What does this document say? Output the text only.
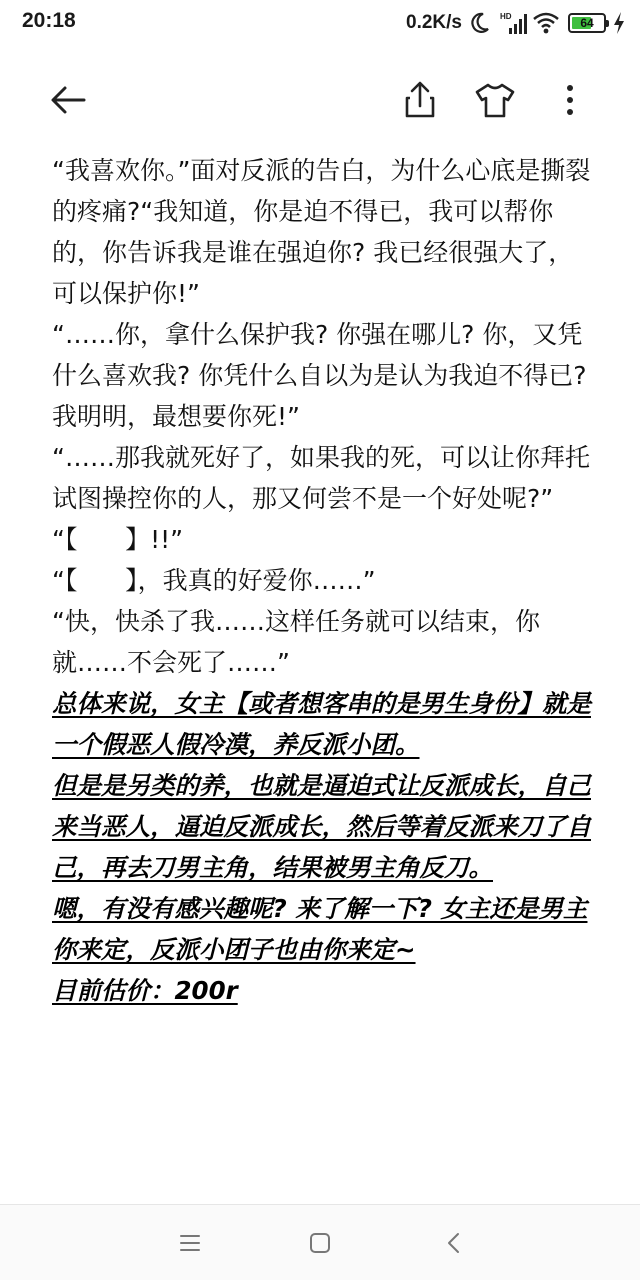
20:18	0.2K/s	HD	64

“我喜欢你。”面对反派的告白，为什么心底是撕裂的疼痛?“我知道，你是迫不得已，我可以帮你的，你告诉我是谁在强迫你? 我已经很强大了，可以保护你!”

“……你，拿什么保护我? 你强在哪儿? 你，又凭什么喜欢我? 你凭什么自以为是认为我迫不得已? 我明明，最想要你死!”

“……那我就死好了，如果我的死，可以让你拜托试图操控你的人，那又何尝不是一个好处呢?”

“【      】!!”

“【      】，我真的好爱你……”

“快，快杀了我……这样任务就可以结束，你就……不会死了……”

总体来说，女主【或者想客串的是男生身份】就是一个假恶人假冷漠，养反派小团。

但是是另类的养，也就是逼迫式让反派成长，自己来当恶人，逼迫反派成长，然后等着反派来刀了自己，再去刀男主角，结果被男主角反刀。

嗯，有没有感兴趣呢? 来了解一下? 女主还是男主你来定，反派小团子也由你来定~

目前估价：200r
